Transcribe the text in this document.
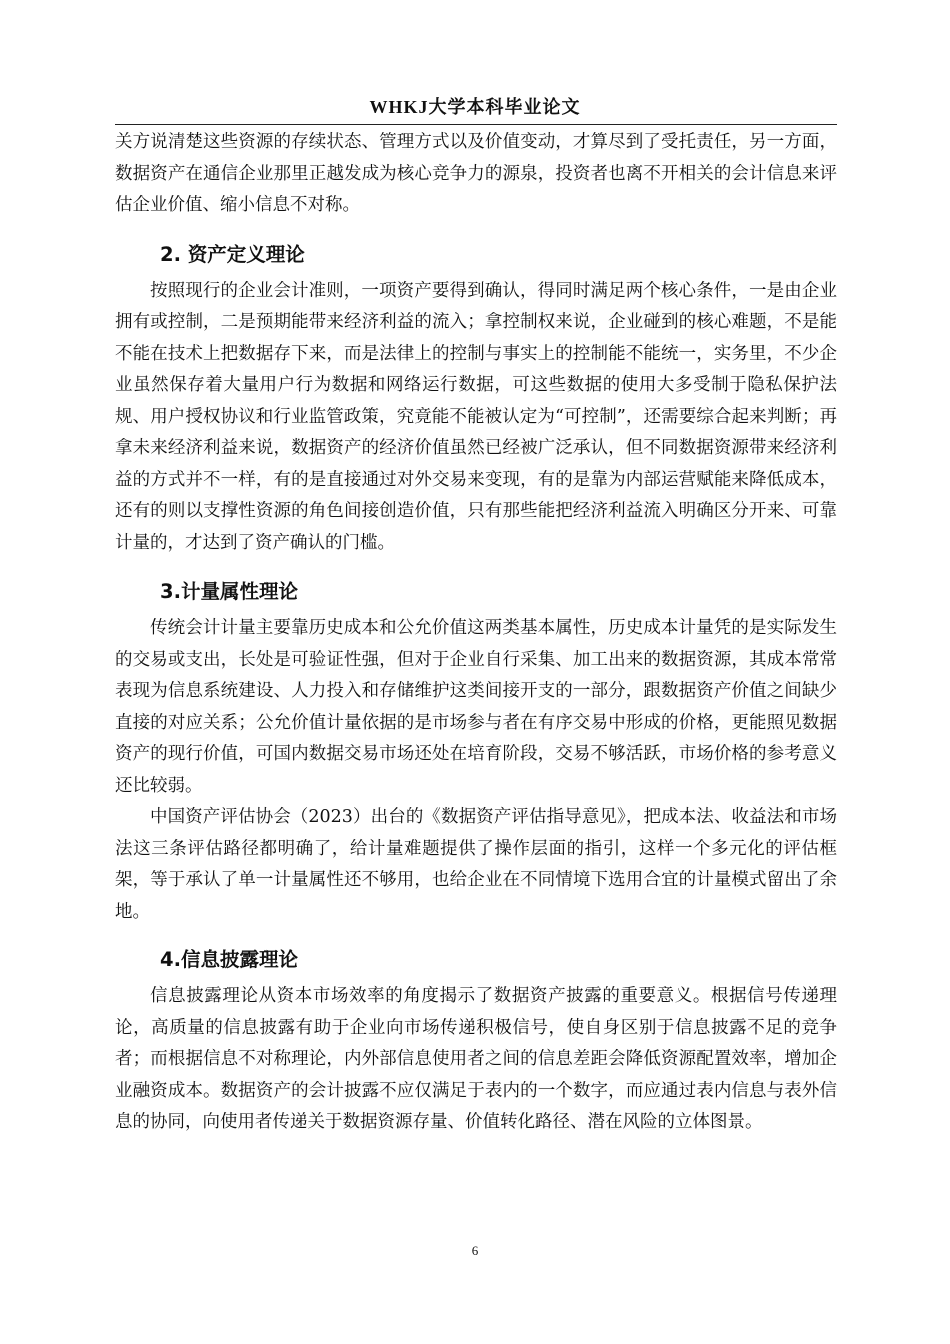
WHKJ大学本科毕业论文

关方说清楚这些资源的存续状态、管理方式以及价值变动，才算尽到了受托责任，另一方面，数据资产在通信企业那里正越发成为核心竞争力的源泉，投资者也离不开相关的会计信息来评估企业价值、缩小信息不对称。

2. 资产定义理论

按照现行的企业会计准则，一项资产要得到确认，得同时满足两个核心条件，一是由企业拥有或控制，二是预期能带来经济利益的流入；拿控制权来说，企业碰到的核心难题，不是能不能在技术上把数据存下来，而是法律上的控制与事实上的控制能不能统一，实务里，不少企业虽然保存着大量用户行为数据和网络运行数据，可这些数据的使用大多受制于隐私保护法规、用户授权协议和行业监管政策，究竟能不能被认定为“可控制”，还需要综合起来判断；再拿未来经济利益来说，数据资产的经济价值虽然已经被广泛承认，但不同数据资源带来经济利益的方式并不一样，有的是直接通过对外交易来变现，有的是靠为内部运营赋能来降低成本，还有的则以支撑性资源的角色间接创造价值，只有那些能把经济利益流入明确区分开来、可靠计量的，才达到了资产确认的门槛。

3.计量属性理论

传统会计计量主要靠历史成本和公允价值这两类基本属性，历史成本计量凭的是实际发生的交易或支出，长处是可验证性强，但对于企业自行采集、加工出来的数据资源，其成本常常表现为信息系统建设、人力投入和存储维护这类间接开支的一部分，跟数据资产价值之间缺少直接的对应关系；公允价值计量依据的是市场参与者在有序交易中形成的价格，更能照见数据资产的现行价值，可国内数据交易市场还处在培育阶段，交易不够活跃，市场价格的参考意义还比较弱。

中国资产评估协会（2023）出台的《数据资产评估指导意见》，把成本法、收益法和市场法这三条评估路径都明确了，给计量难题提供了操作层面的指引，这样一个多元化的评估框架，等于承认了单一计量属性还不够用，也给企业在不同情境下选用合宜的计量模式留出了余地。

4.信息披露理论

信息披露理论从资本市场效率的角度揭示了数据资产披露的重要意义。根据信号传递理论，高质量的信息披露有助于企业向市场传递积极信号，使自身区别于信息披露不足的竞争者；而根据信息不对称理论，内外部信息使用者之间的信息差距会降低资源配置效率，增加企业融资成本。数据资产的会计披露不应仅满足于表内的一个数字，而应通过表内信息与表外信息的协同，向使用者传递关于数据资源存量、价值转化路径、潜在风险的立体图景。

6
